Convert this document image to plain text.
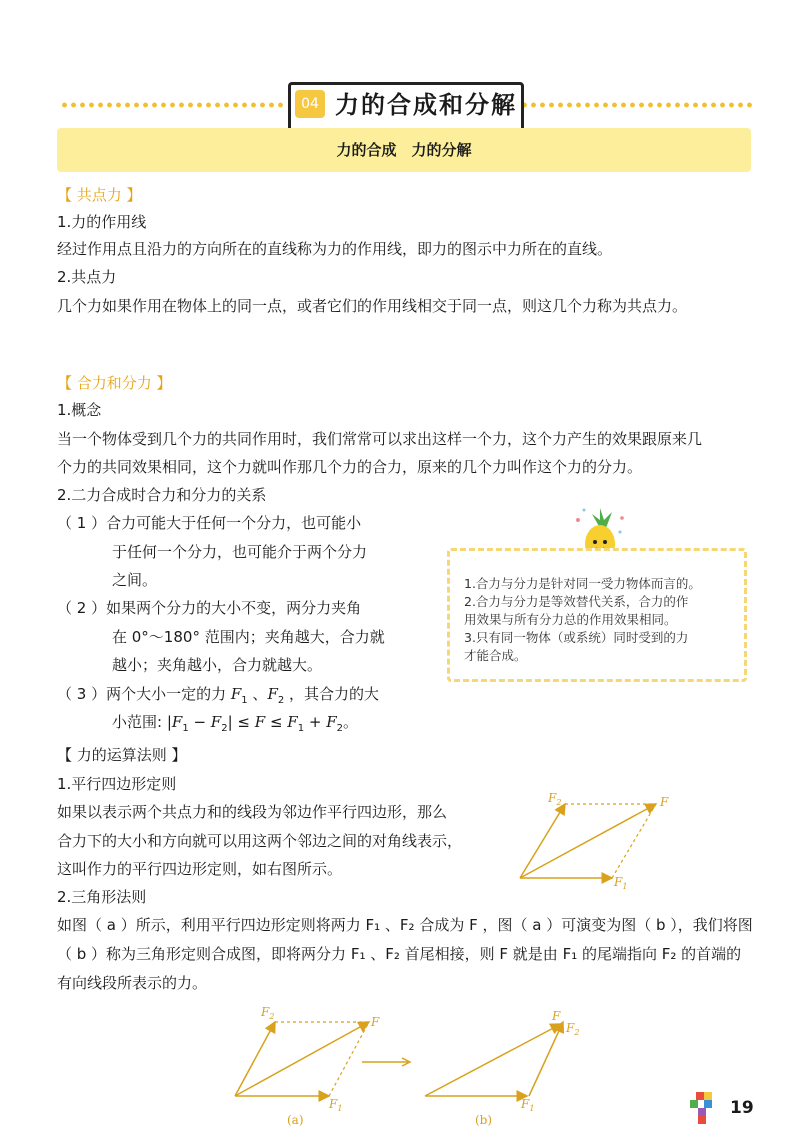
04 力的合成和分解
力的合成　力的分解
【 共点力 】
1.力的作用线
经过作用点且沿力的方向所在的直线称为力的作用线，即力的图示中力所在的直线。
2.共点力
几个力如果作用在物体上的同一点，或者它们的作用线相交于同一点，则这几个力称为共点力。
【 合力和分力 】
1.概念
当一个物体受到几个力的共同作用时，我们常常可以求出这样一个力，这个力产生的效果跟原来几
个力的共同效果相同，这个力就叫作那几个力的合力，原来的几个力叫作这个力的分力。
2.二力合成时合力和分力的关系
（ 1 ）合力可能大于任何一个分力，也可能小
于任何一个分力，也可能介于两个分力
之间。
（ 2 ）如果两个分力的大小不变，两分力夹角
在 0°～180° 范围内；夹角越大，合力就
越小；夹角越小，合力就越大。
（ 3 ）两个大小一定的力 $F_1$ 、$F_2$ ，其合力的大
小范围: $|F_1 - F_2| \le F \le F_1 + F_2$。
1.合力与分力是针对同一受力物体而言的。
2.合力与分力是等效替代关系，合力的作
用效果与所有分力总的作用效果相同。
3.只有同一物体（或系统）同时受到的力
才能合成。
【 力的运算法则 】
1.平行四边形定则
如果以表示两个共点力和的线段为邻边作平行四边形，那么
合力下的大小和方向就可以用这两个邻边之间的对角线表示，
这叫作力的平行四边形定则，如右图所示。
2.三角形法则
如图（ a ）所示，利用平行四边形定则将两力 F₁ 、F₂ 合成为 F ，图（ a ）可演变为图（ b ），我们将图
（ b ）称为三角形定则合成图，即将两分力 F₁ 、F₂ 首尾相接，则 F 就是由 F₁ 的尾端指向 F₂ 的首端的
有向线段所表示的力。
$F_2$	F
$F_1$
$F_2$	F
$F_1$
(a)
F
$F_2$
$F_1$
(b)
19
